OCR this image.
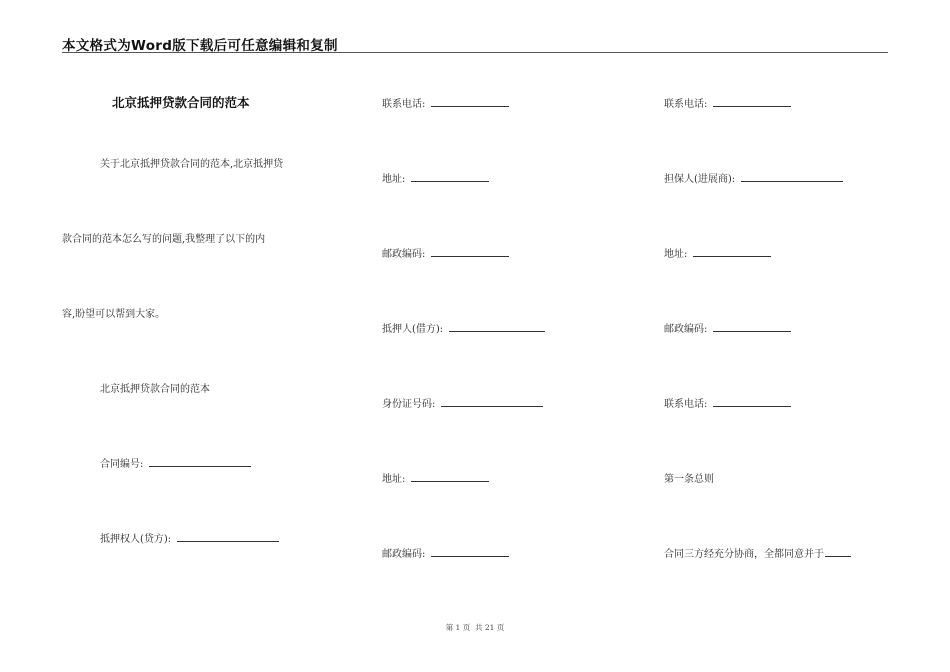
本文格式为Word版下载后可任意编辑和复制
北京抵押贷款合同的范本
关于北京抵押贷款合同的范本,北京抵押贷
款合同的范本怎么写的问题,我整理了以下的内
容,盼望可以帮到大家。
北京抵押贷款合同的范本
合同编号:
抵押权人(贷方):
联系电话:
地址:
邮政编码:
抵押人(借方):
身份证号码:
地址:
邮政编码:
联系电话:
担保人(进展商):
地址:
邮政编码:
联系电话:
第一条总则
合同三方经充分协商，全都同意并于
第 1 页  共 21 页
